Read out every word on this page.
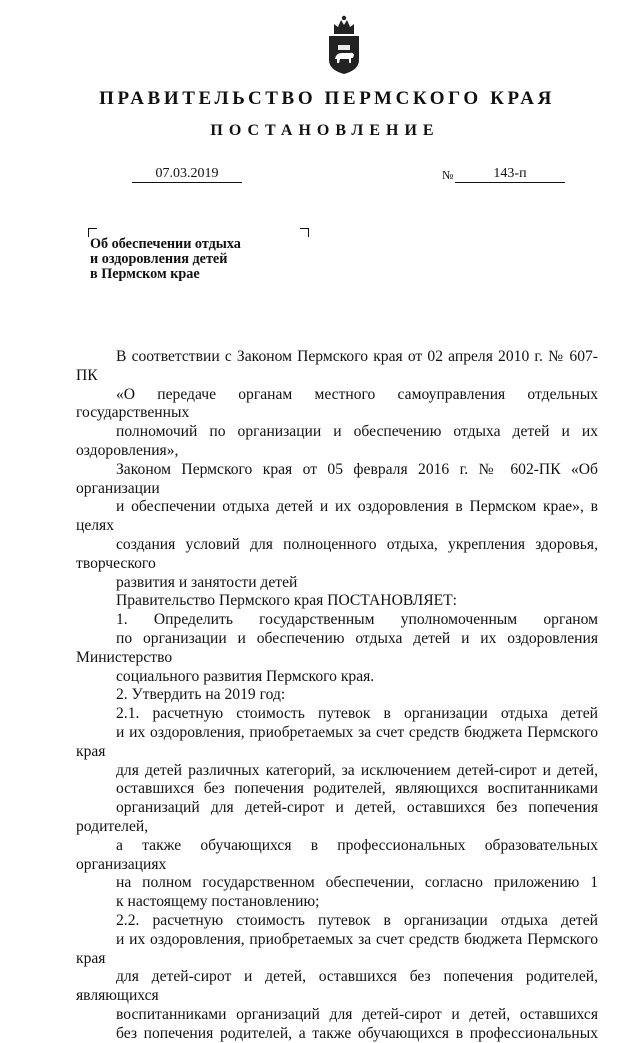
ПРАВИТЕЛЬСТВО ПЕРМСКОГО КРАЯ
ПОСТАНОВЛЕНИЕ
07.03.2019	№	143-п
Об обеспечении отдыха
и оздоровления детей
в Пермском крае

В соответствии с Законом Пермского края от 02 апреля 2010 г. № 607-ПК
«О передаче органам местного самоуправления отдельных государственных
полномочий по организации и обеспечению отдыха детей и их оздоровления»,
Законом Пермского края от 05 февраля 2016 г. № 602-ПК «Об организации
и обеспечении отдыха детей и их оздоровления в Пермском крае», в целях
создания условий для полноценного отдыха, укрепления здоровья, творческого
развития и занятости детей

Правительство Пермского края ПОСТАНОВЛЯЕТ:

1. Определить государственным уполномоченным органом
по организации и обеспечению отдыха детей и их оздоровления Министерство
социального развития Пермского края.

2. Утвердить на 2019 год:

2.1. расчетную стоимость путевок в организации отдыха детей
и их оздоровления, приобретаемых за счет средств бюджета Пермского края
для детей различных категорий, за исключением детей-сирот и детей,
оставшихся без попечения родителей, являющихся воспитанниками
организаций для детей-сирот и детей, оставшихся без попечения родителей,
а также обучающихся в профессиональных образовательных организациях
на полном государственном обеспечении, согласно приложению 1
к настоящему постановлению;

2.2. расчетную стоимость путевок в организации отдыха детей
и их оздоровления, приобретаемых за счет средств бюджета Пермского края
для детей-сирот и детей, оставшихся без попечения родителей, являющихся
воспитанниками организаций для детей-сирот и детей, оставшихся
без попечения родителей, а также обучающихся в профессиональных
